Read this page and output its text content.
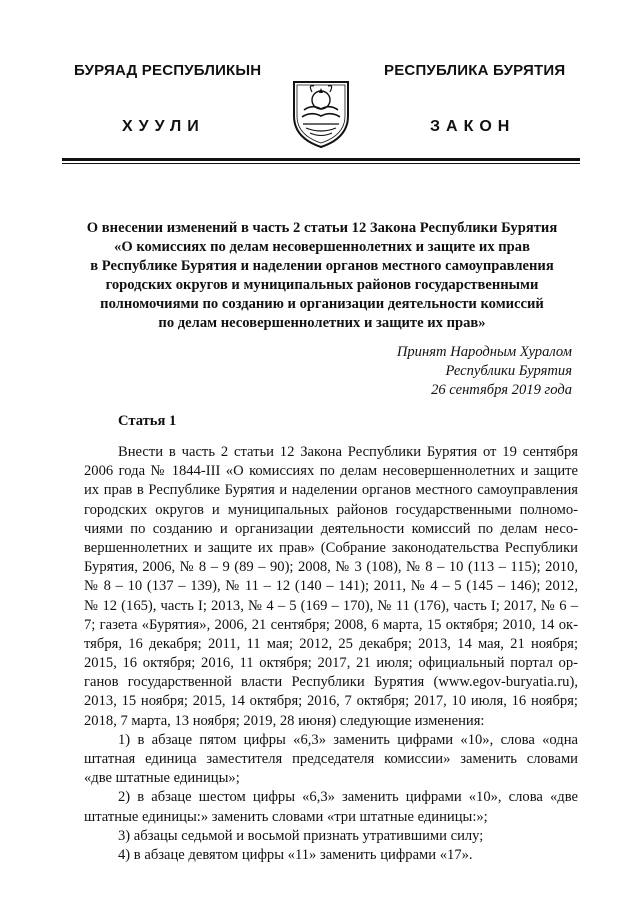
БУРЯАД РЕСПУБЛИКЫН
ХУУЛИ
РЕСПУБЛИКА БУРЯТИЯ
ЗАКОН
О внесении изменений в часть 2 статьи 12 Закона Республики Бурятия
«О комиссиях по делам несовершеннолетних и защите их прав
в Республике Бурятия и наделении органов местного самоуправления
городских округов и муниципальных районов государственными
полномочиями по созданию и организации деятельности комиссий
по делам несовершеннолетних и защите их прав»
Принят Народным Хуралом
Республики Бурятия
26 сентября 2019 года
Статья 1
Внести в часть 2 статьи 12 Закона Республики Бурятия от 19 сентября
2006 года № 1844-III «О комиссиях по делам несовершеннолетних и защите
их прав в Республике Бурятия и наделении органов местного самоуправления
городских округов и муниципальных районов государственными полномо-
чиями по созданию и организации деятельности комиссий по делам несо-
вершеннолетних и защите их прав» (Собрание законодательства Республики
Бурятия, 2006, № 8 – 9 (89 – 90); 2008, № 3 (108), № 8 – 10 (113 – 115); 2010,
№ 8 – 10 (137 – 139), № 11 – 12 (140 – 141); 2011, № 4 – 5 (145 – 146); 2012,
№ 12 (165), часть I; 2013, № 4 – 5 (169 – 170), № 11 (176), часть I; 2017, № 6 –
7; газета «Бурятия», 2006, 21 сентября; 2008, 6 марта, 15 октября; 2010, 14 ок-
тября, 16 декабря; 2011, 11 мая; 2012, 25 декабря; 2013, 14 мая, 21 ноября;
2015, 16 октября; 2016, 11 октября; 2017, 21 июля; официальный портал ор-
ганов государственной власти Республики Бурятия (www.egov-buryatia.ru),
2013, 15 ноября; 2015, 14 октября; 2016, 7 октября; 2017, 10 июля, 16 ноября;
2018, 7 марта, 13 ноября; 2019, 28 июня) следующие изменения:
1) в абзаце пятом цифры «6,3» заменить цифрами «10», слова «одна
штатная единица заместителя председателя комиссии» заменить словами
«две штатные единицы»;
2) в абзаце шестом цифры «6,3» заменить цифрами «10», слова «две
штатные единицы:» заменить словами «три штатные единицы:»;
3) абзацы седьмой и восьмой признать утратившими силу;
4) в абзаце девятом цифры «11» заменить цифрами «17».
